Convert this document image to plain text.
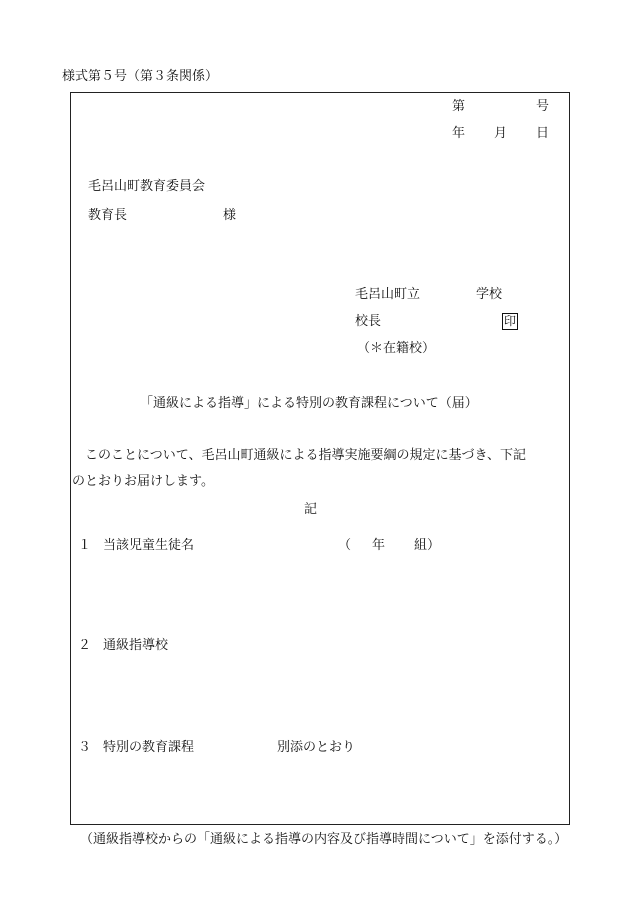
様式第５号（第３条関係）
第	号
年 月 日
毛呂山町教育委員会
教育長	様
毛呂山町立	学校
校長	印
（＊在籍校）
「通級による指導」による特別の教育課程について（届）
　このことについて、毛呂山町通級による指導実施要綱の規定に基づき、下記
のとおりお届けします。
記
１ 当該児童生徒名	（ 年 組）
２ 通級指導校
３ 特別の教育課程	別添のとおり
（通級指導校からの「通級による指導の内容及び指導時間について」を添付する。）
